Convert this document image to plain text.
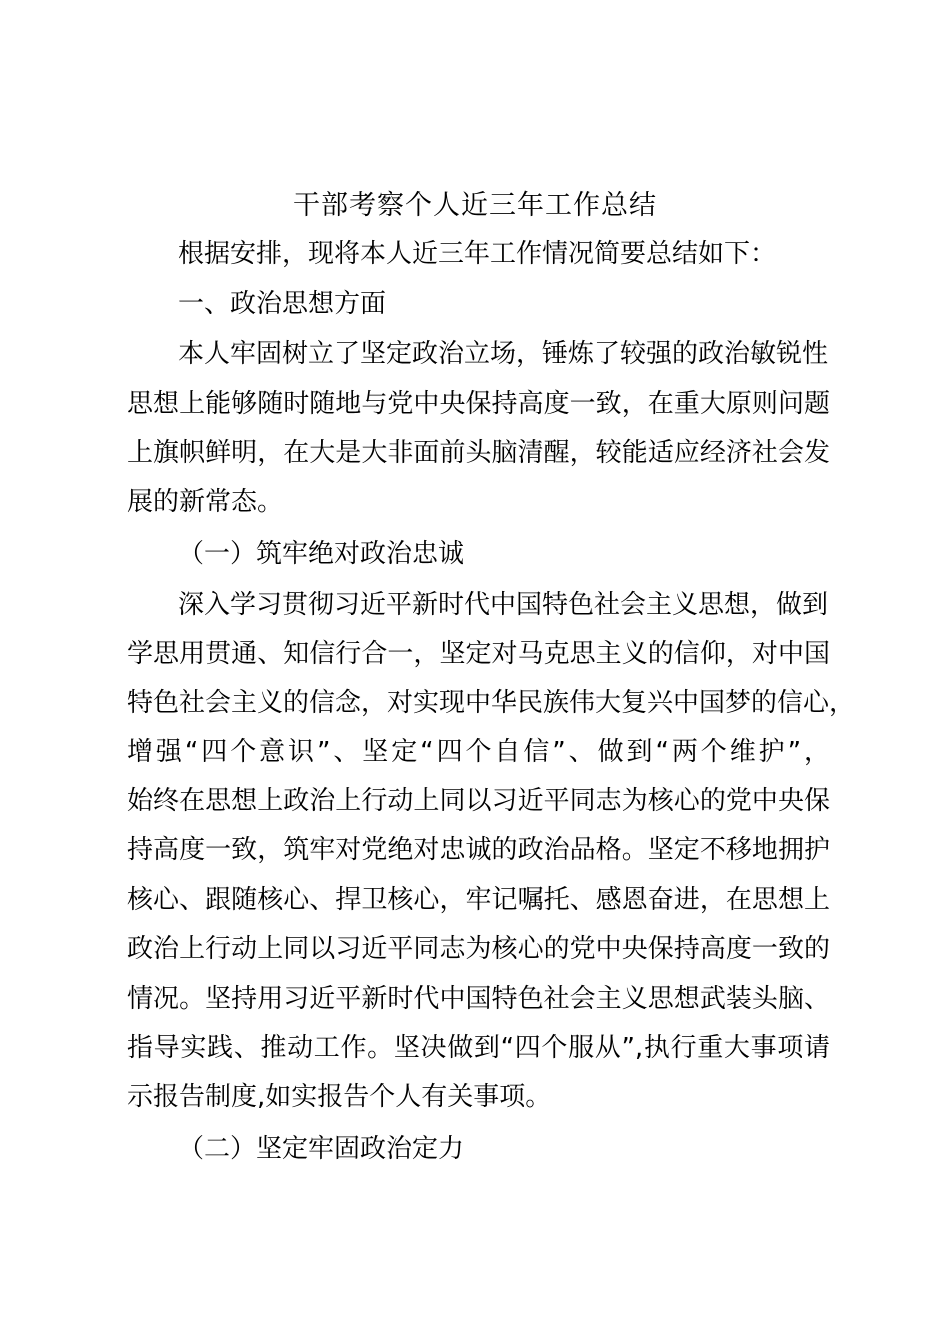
干部考察个人近三年工作总结
根据安排，现将本人近三年工作情况简要总结如下：
一、政治思想方面
本人牢固树立了坚定政治立场，锤炼了较强的政治敏锐性
思想上能够随时随地与党中央保持高度一致，在重大原则问题
上旗帜鲜明，在大是大非面前头脑清醒，较能适应经济社会发
展的新常态。
（一）筑牢绝对政治忠诚
深入学习贯彻习近平新时代中国特色社会主义思想，做到
学思用贯通、知信行合一，坚定对马克思主义的信仰，对中国
特色社会主义的信念，对实现中华民族伟大复兴中国梦的信心，
增强“四个意识”、坚定“四个自信”、做到“两个维护”，
始终在思想上政治上行动上同以习近平同志为核心的党中央保
持高度一致，筑牢对党绝对忠诚的政治品格。坚定不移地拥护
核心、跟随核心、捍卫核心，牢记嘱托、感恩奋进，在思想上
政治上行动上同以习近平同志为核心的党中央保持高度一致的
情况。坚持用习近平新时代中国特色社会主义思想武装头脑、
指导实践、推动工作。坚决做到“四个服从”,执行重大事项请
示报告制度,如实报告个人有关事项。
（二）坚定牢固政治定力
